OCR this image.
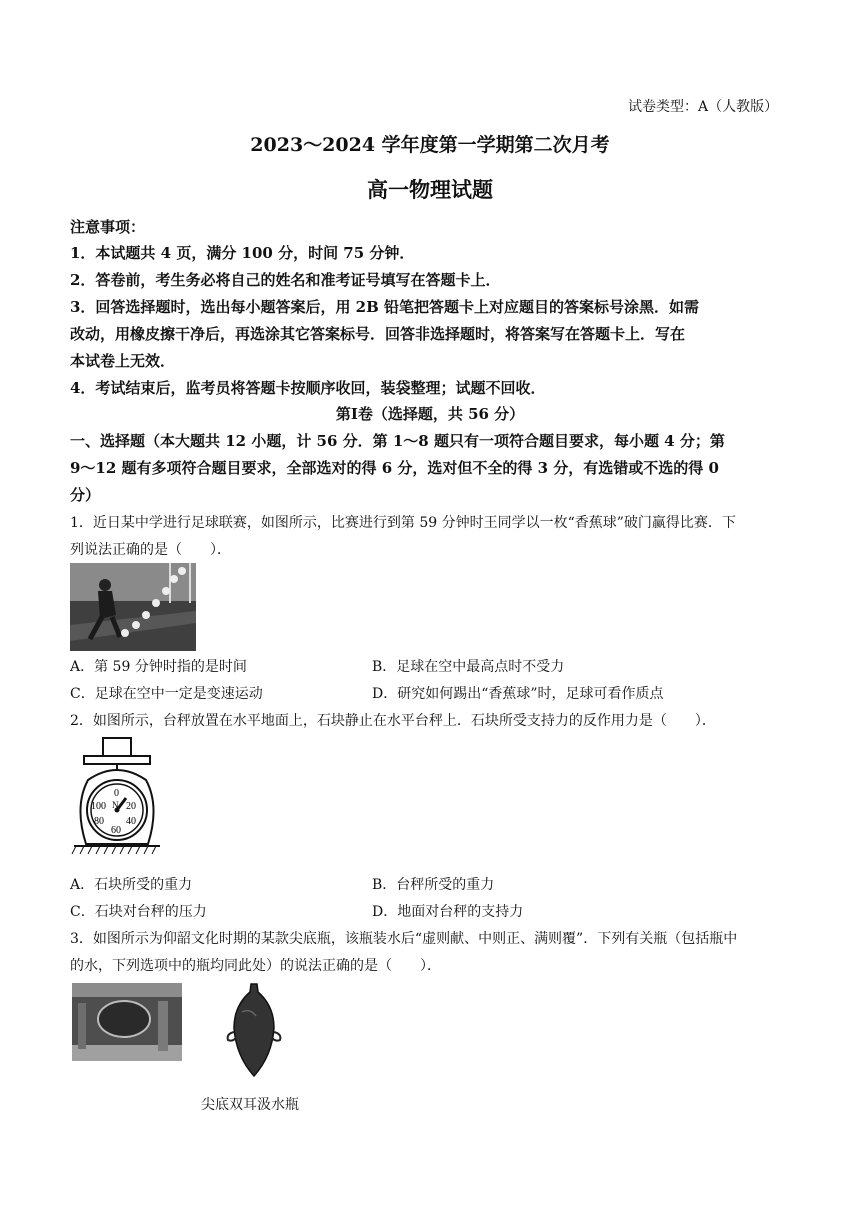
试卷类型：A（人教版）
2023～2024 学年度第一学期第二次月考
高一物理试题
注意事项：
1．本试题共 4 页，满分 100 分，时间 75 分钟．
2．答卷前，考生务必将自己的姓名和准考证号填写在答题卡上．
3．回答选择题时，选出每小题答案后，用 2B 铅笔把答题卡上对应题目的答案标号涂黑．如需
改动，用橡皮擦干净后，再选涂其它答案标号．回答非选择题时，将答案写在答题卡上．写在
本试卷上无效．
4．考试结束后，监考员将答题卡按顺序收回，装袋整理；试题不回收．
第Ⅰ卷（选择题，共 56 分）
一、选择题（本大题共 12 小题，计 56 分．第 1～8 题只有一项符合题目要求，每小题 4 分；第
9～12 题有多项符合题目要求，全部选对的得 6 分，选对但不全的得 3 分，有选错或不选的得 0
分）
1．近日某中学进行足球联赛，如图所示，比赛进行到第 59 分钟时王同学以一枚“香蕉球”破门赢得比赛．下
列说法正确的是（　　）．
A．第 59 分钟时指的是时间	B．足球在空中最高点时不受力
C．足球在空中一定是变速运动	D．研究如何踢出“香蕉球”时，足球可看作质点
2．如图所示，台秤放置在水平地面上，石块静止在水平台秤上．石块所受支持力的反作用力是（　　）．
0
20
40
60
80
100 N
A．石块所受的重力	B．台秤所受的重力
C．石块对台秤的压力	D．地面对台秤的支持力
3．如图所示为仰韶文化时期的某款尖底瓶，该瓶装水后“虚则献、中则正、满则覆”．下列有关瓶（包括瓶中
的水，下列选项中的瓶均同此处）的说法正确的是（　　）．
尖底双耳汲水瓶
